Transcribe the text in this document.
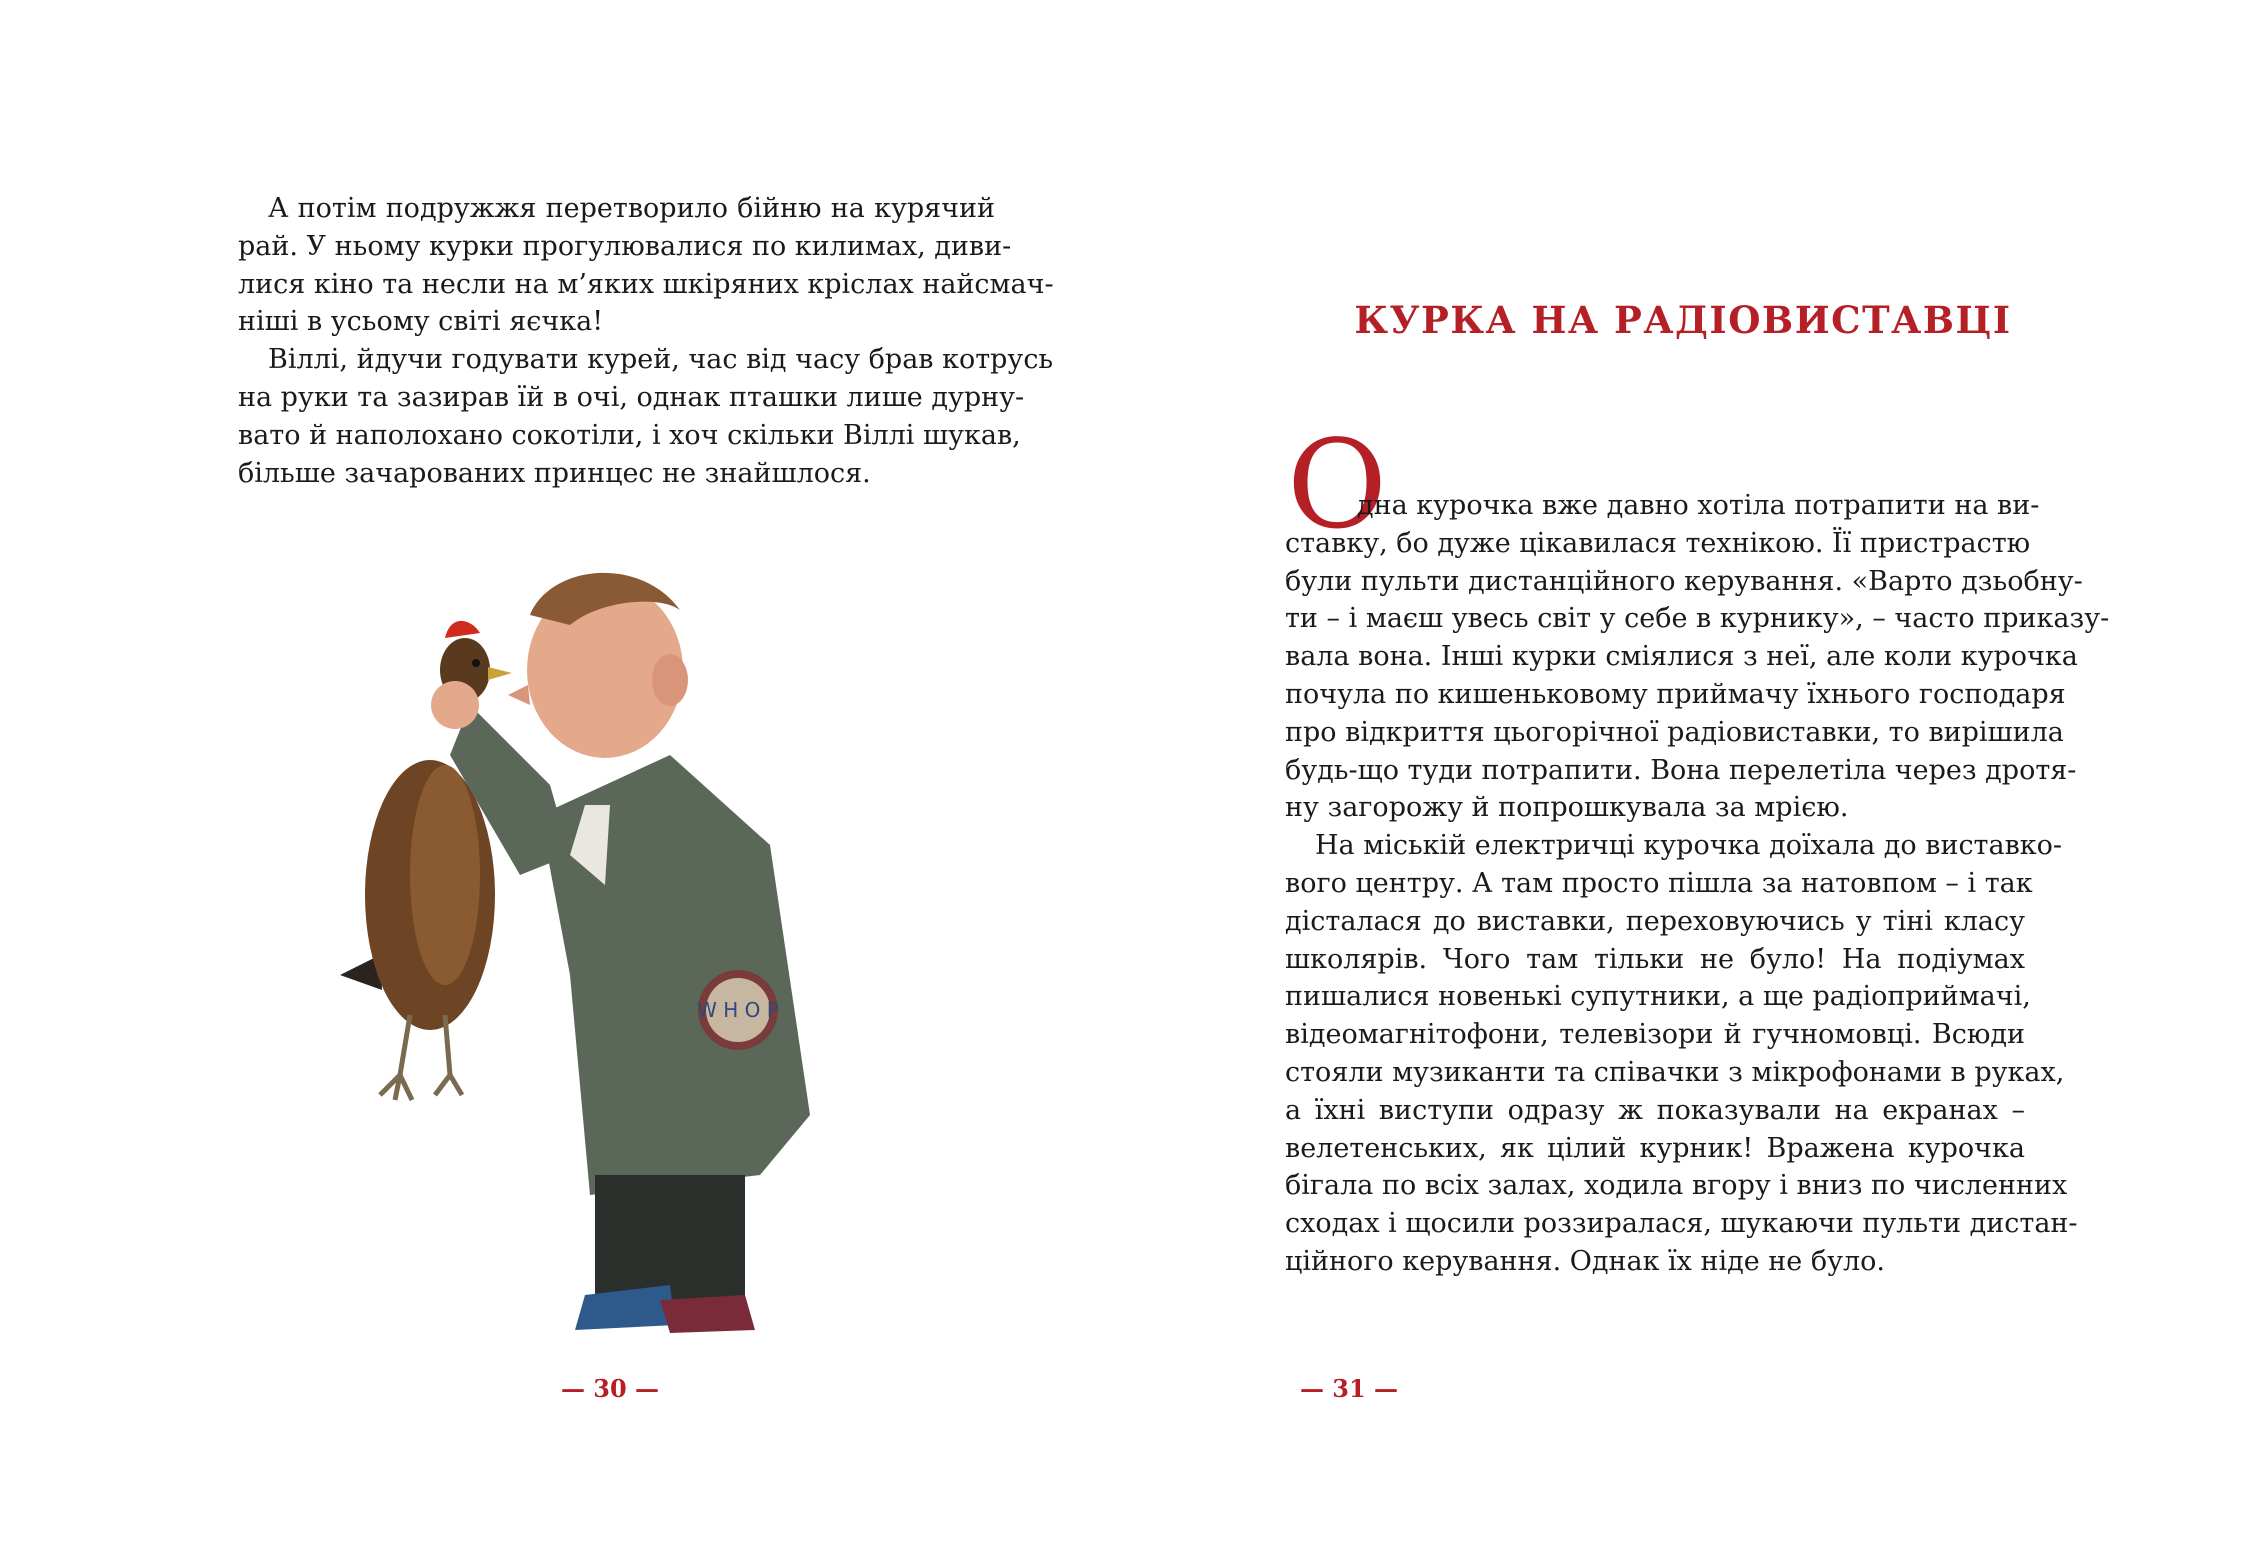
А потім подружжя перетворило бійню на курячий
рай. У ньому курки прогулювалися по килимах, диви-
лися кіно та несли на м’яких шкіряних кріслах найсмач-
ніші в усьому світі яєчка!
Віллі, йдучи годувати курей, час від часу брав котрусь
на руки та зазирав їй в очі, однак пташки лише дурну-
вато й наполохано сокотіли, і хоч скільки Віллі шукав,
більше зачарованих принцес не знайшлося.
W H O P
— 30 —
КУРКА НА РАДІОВИСТАВЦІ
О
дна курочка вже давно хотіла потрапити на ви-
ставку, бо дуже цікавилася технікою. Її пристрастю
були пульти дистанційного керування. «Варто дзьобну-
ти – і маєш увесь світ у себе в курнику», – часто приказу-
вала вона. Інші курки сміялися з неї, але коли курочка
почула по кишеньковому приймачу їхнього господаря
про відкриття цьогорічної радіовиставки, то вирішила
будь-що туди потрапити. Вона перелетіла через дротя-
ну загорожу й попрошкувала за мрією.
На міській електричці курочка доїхала до виставко-
вого центру. А там просто пішла за натовпом – і так
дісталася до виставки, переховуючись у тіні класу
школярів. Чого там тільки не було! На подіумах
пишалися новенькі супутники, а ще радіоприймачі,
відеомагнітофони, телевізори й гучномовці. Всюди
стояли музиканти та співачки з мікрофонами в руках,
а їхні виступи одразу ж показували на екранах –
велетенських, як цілий курник! Вражена курочка
бігала по всіх залах, ходила вгору і вниз по численних
сходах і щосили роззиралася, шукаючи пульти дистан-
ційного керування. Однак їх ніде не було.
— 31 —
